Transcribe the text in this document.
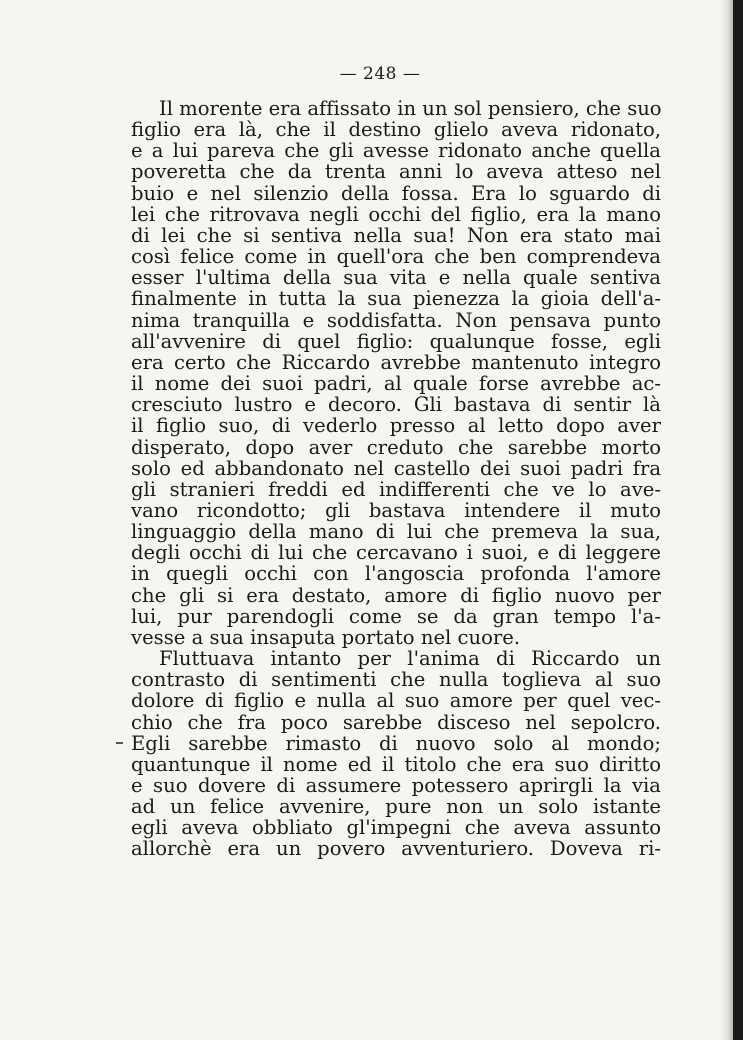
— 248 —
Il morente era affissato in un sol pensiero, che suo
figlio era là, che il destino glielo aveva ridonato,
e a lui pareva che gli avesse ridonato anche quella
poveretta che da trenta anni lo aveva atteso nel
buio e nel silenzio della fossa. Era lo sguardo di
lei che ritrovava negli occhi del figlio, era la mano
di lei che si sentiva nella sua! Non era stato mai
così felice come in quell'ora che ben comprendeva
esser l'ultima della sua vita e nella quale sentiva
finalmente in tutta la sua pienezza la gioia dell'a-
nima tranquilla e soddisfatta. Non pensava punto
all'avvenire di quel figlio: qualunque fosse, egli
era certo che Riccardo avrebbe mantenuto integro
il nome dei suoi padri, al quale forse avrebbe ac-
cresciuto lustro e decoro. Gli bastava di sentir là
il figlio suo, di vederlo presso al letto dopo aver
disperato, dopo aver creduto che sarebbe morto
solo ed abbandonato nel castello dei suoi padri fra
gli stranieri freddi ed indifferenti che ve lo ave-
vano ricondotto; gli bastava intendere il muto
linguaggio della mano di lui che premeva la sua,
degli occhi di lui che cercavano i suoi, e di leggere
in quegli occhi con l'angoscia profonda l'amore
che gli si era destato, amore di figlio nuovo per
lui, pur parendogli come se da gran tempo l'a-
vesse a sua insaputa portato nel cuore.
Fluttuava intanto per l'anima di Riccardo un
contrasto di sentimenti che nulla toglieva al suo
dolore di figlio e nulla al suo amore per quel vec-
chio che fra poco sarebbe disceso nel sepolcro.
Egli sarebbe rimasto di nuovo solo al mondo;
quantunque il nome ed il titolo che era suo diritto
e suo dovere di assumere potessero aprirgli la via
ad un felice avvenire, pure non un solo istante
egli aveva obbliato gl'impegni che aveva assunto
allorchè era un povero avventuriero. Doveva ri-
